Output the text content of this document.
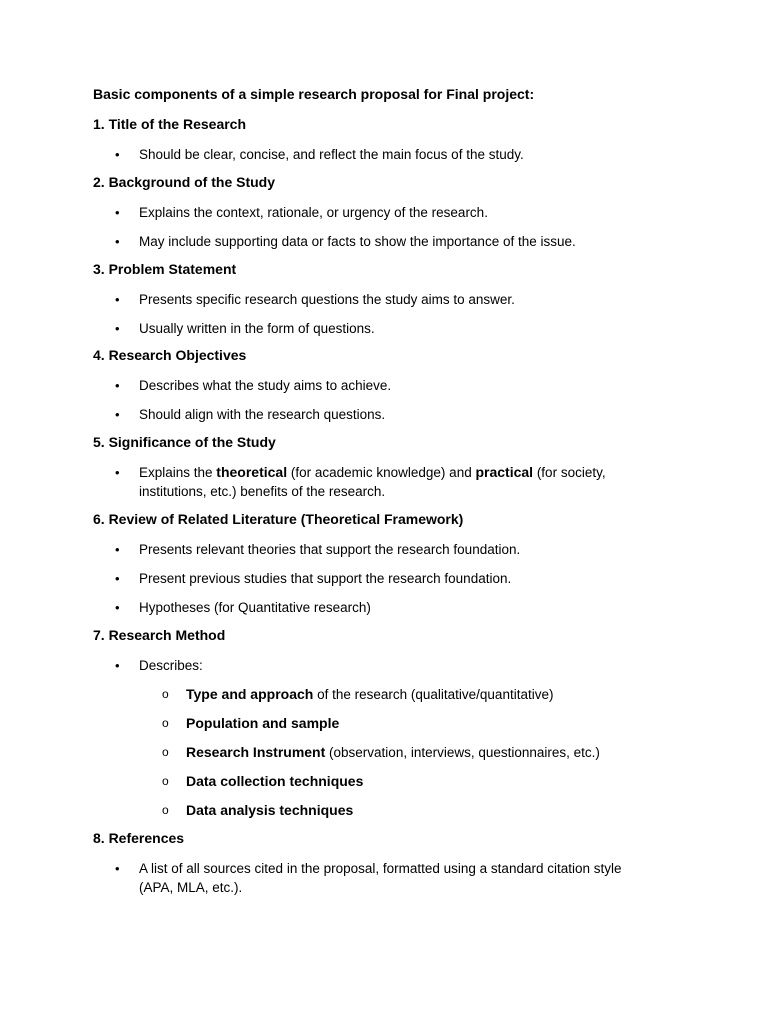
Basic components of a simple research proposal for Final project:
1. Title of the Research
• Should be clear, concise, and reflect the main focus of the study.
2. Background of the Study
• Explains the context, rationale, or urgency of the research.
• May include supporting data or facts to show the importance of the issue.
3. Problem Statement
• Presents specific research questions the study aims to answer.
• Usually written in the form of questions.
4. Research Objectives
• Describes what the study aims to achieve.
• Should align with the research questions.
5. Significance of the Study
• Explains the theoretical (for academic knowledge) and practical (for society, institutions, etc.) benefits of the research.
6. Review of Related Literature (Theoretical Framework)
• Presents relevant theories that support the research foundation.
• Present previous studies that support the research foundation.
• Hypotheses (for Quantitative research)
7. Research Method
• Describes:
o Type and approach of the research (qualitative/quantitative)
o Population and sample
o Research Instrument (observation, interviews, questionnaires, etc.)
o Data collection techniques
o Data analysis techniques
8. References
• A list of all sources cited in the proposal, formatted using a standard citation style (APA, MLA, etc.).
